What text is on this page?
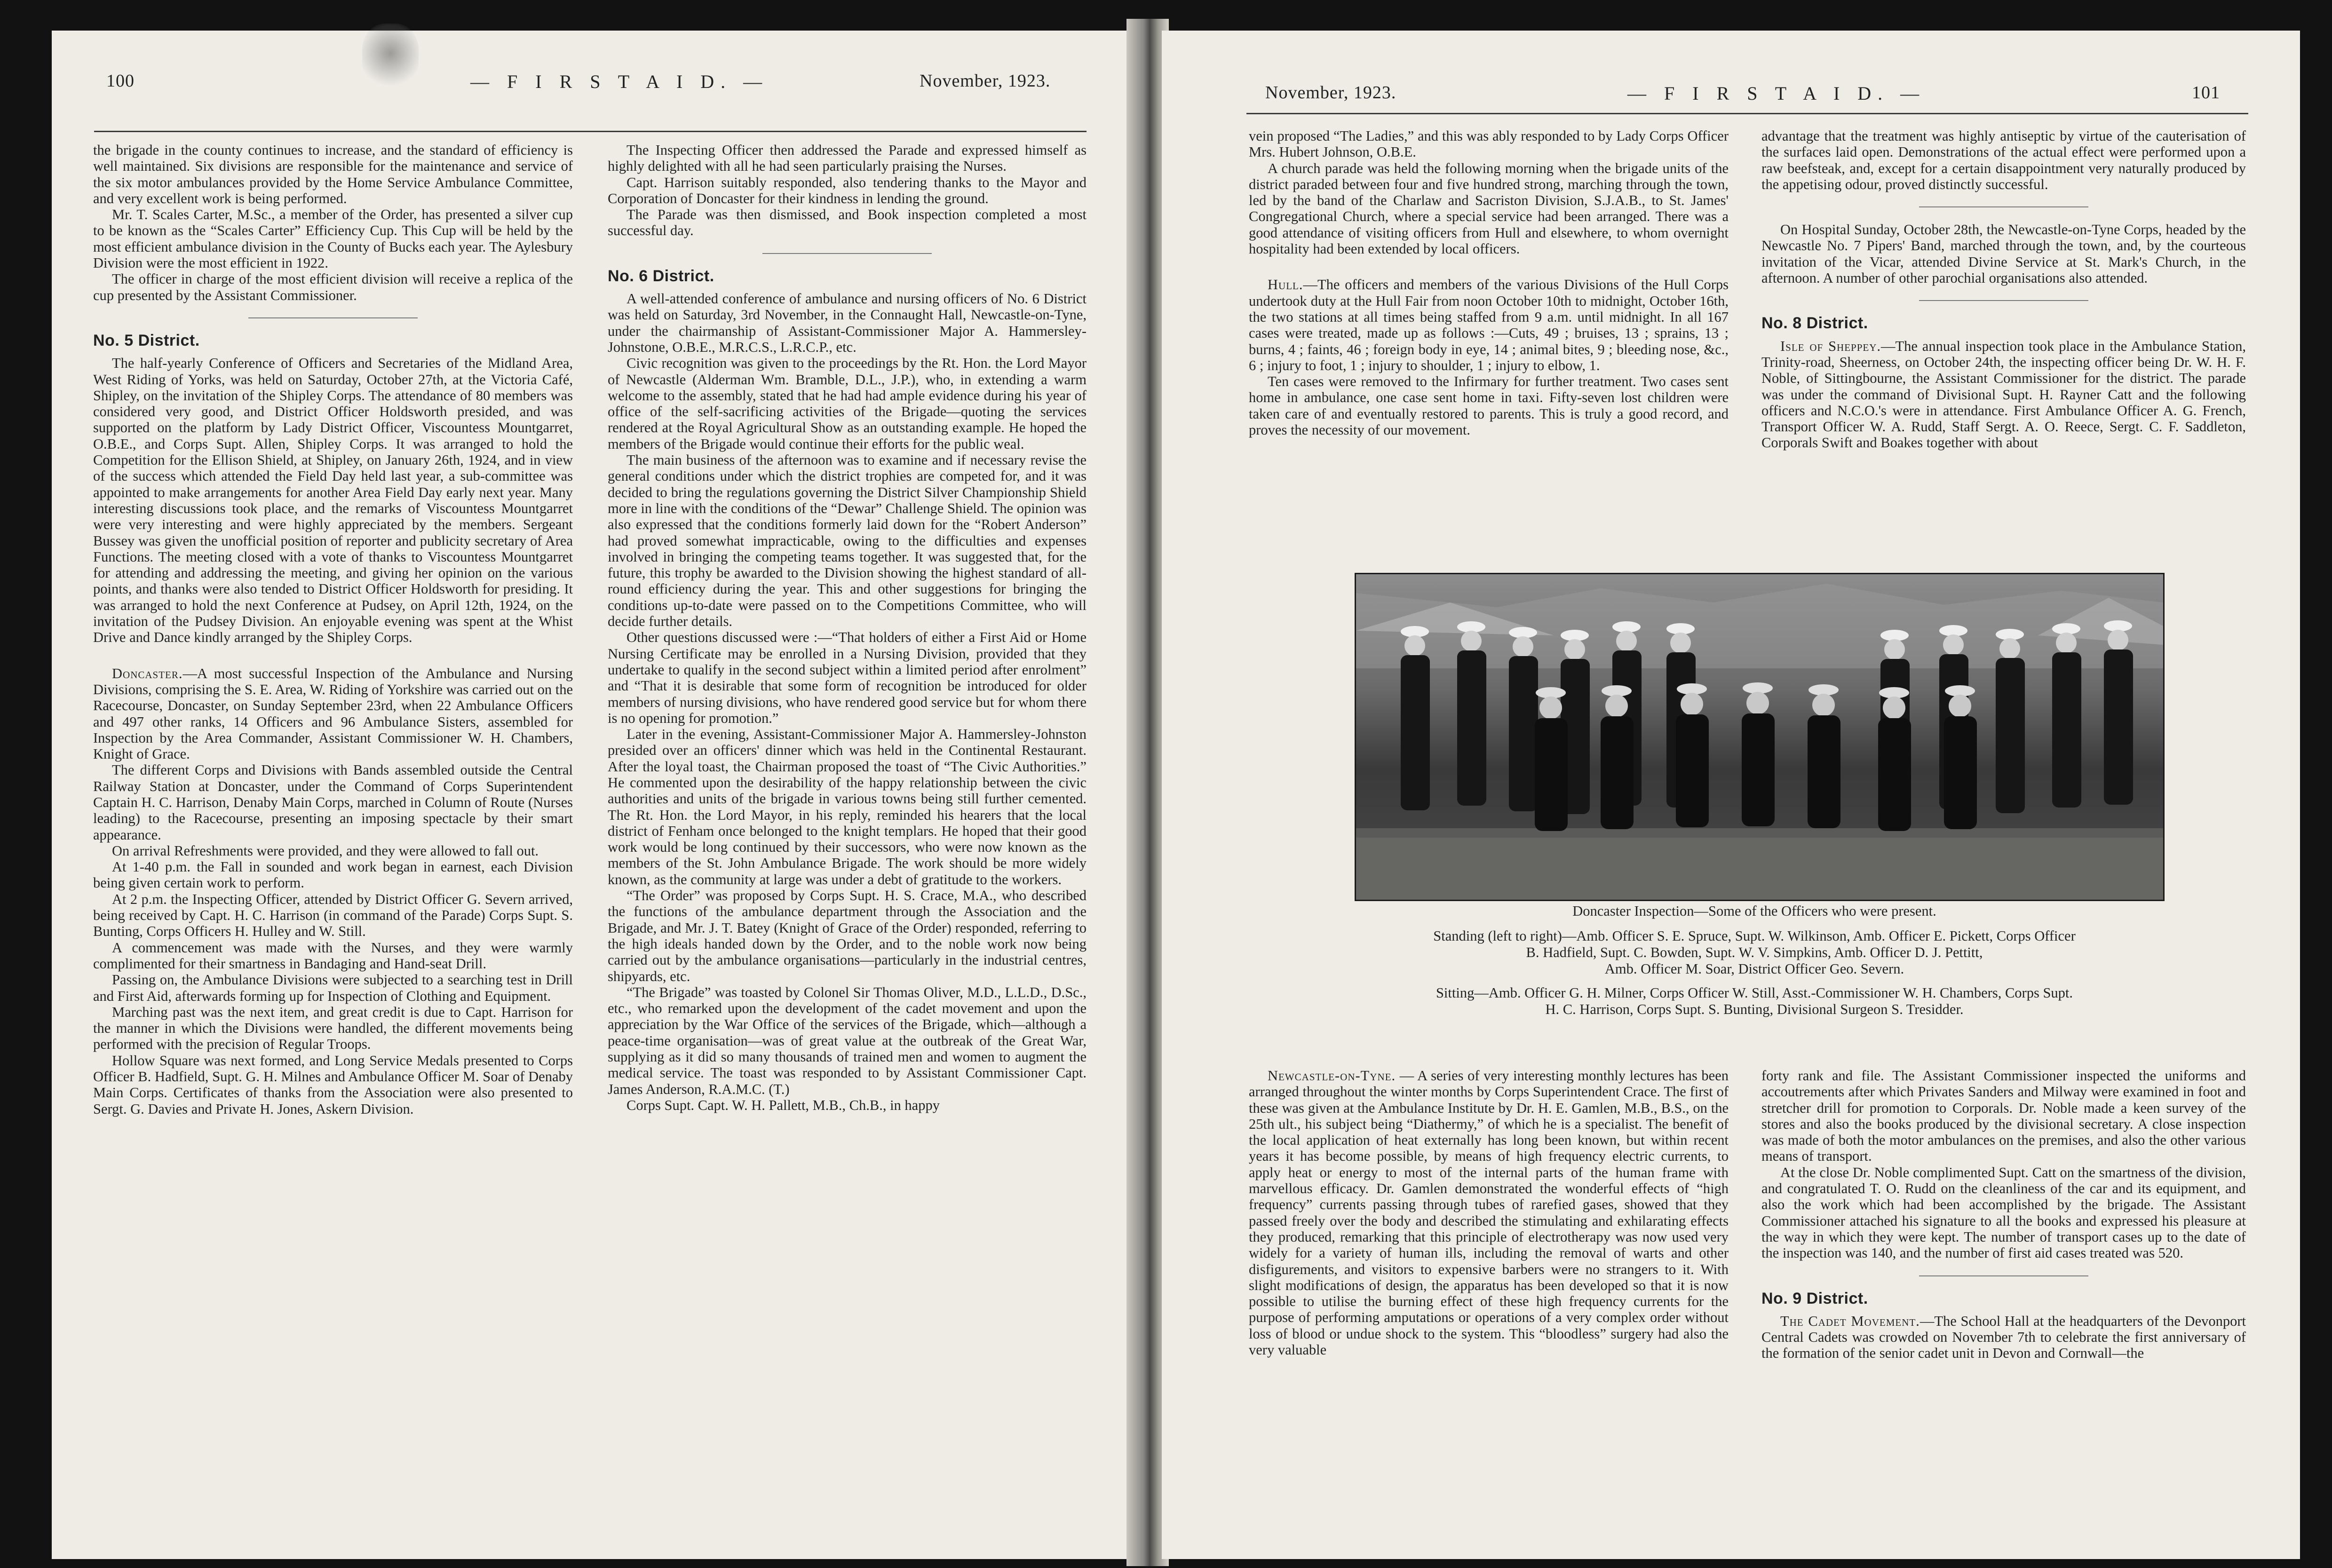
100	— F I R S T A I D. —	November, 1923.

the brigade in the county continues to increase, and the standard of efficiency is well maintained. Six divisions are responsible for the maintenance and service of the six motor ambulances provided by the Home Service Ambulance Committee, and very excellent work is being performed.

Mr. T. Scales Carter, M.Sc., a member of the Order, has presented a silver cup to be known as the “Scales Carter” Efficiency Cup. This Cup will be held by the most efficient ambulance division in the County of Bucks each year. The Aylesbury Division were the most efficient in 1922.

The officer in charge of the most efficient division will receive a replica of the cup presented by the Assistant Commissioner.

No. 5 District.

The half-yearly Conference of Officers and Secretaries of the Midland Area, West Riding of Yorks, was held on Saturday, October 27th, at the Victoria Café, Shipley, on the invitation of the Shipley Corps. The attendance of 80 members was considered very good, and District Officer Holdsworth presided, and was supported on the platform by Lady District Officer, Viscountess Mountgarret, O.B.E., and Corps Supt. Allen, Shipley Corps. It was arranged to hold the Competition for the Ellison Shield, at Shipley, on January 26th, 1924, and in view of the success which attended the Field Day held last year, a sub-committee was appointed to make arrangements for another Area Field Day early next year. Many interesting discussions took place, and the remarks of Viscountess Mountgarret were very interesting and were highly appreciated by the members. Sergeant Bussey was given the unofficial position of reporter and publicity secretary of Area Functions. The meeting closed with a vote of thanks to Viscountess Mountgarret for attending and addressing the meeting, and giving her opinion on the various points, and thanks were also tended to District Officer Holdsworth for presiding. It was arranged to hold the next Conference at Pudsey, on April 12th, 1924, on the invitation of the Pudsey Division. An enjoyable evening was spent at the Whist Drive and Dance kindly arranged by the Shipley Corps.

Doncaster.—A most successful Inspection of the Ambulance and Nursing Divisions, comprising the S. E. Area, W. Riding of Yorkshire was carried out on the Racecourse, Doncaster, on Sunday September 23rd, when 22 Ambulance Officers and 497 other ranks, 14 Officers and 96 Ambulance Sisters, assembled for Inspection by the Area Commander, Assistant Commissioner W. H. Chambers, Knight of Grace.

The different Corps and Divisions with Bands assembled outside the Central Railway Station at Doncaster, under the Command of Corps Superintendent Captain H. C. Harrison, Denaby Main Corps, marched in Column of Route (Nurses leading) to the Racecourse, presenting an imposing spectacle by their smart appearance.

On arrival Refreshments were provided, and they were allowed to fall out.

At 1-40 p.m. the Fall in sounded and work began in earnest, each Division being given certain work to perform.

At 2 p.m. the Inspecting Officer, attended by District Officer G. Severn arrived, being received by Capt. H. C. Harrison (in command of the Parade) Corps Supt. S. Bunting, Corps Officers H. Hulley and W. Still.

A commencement was made with the Nurses, and they were warmly complimented for their smartness in Bandaging and Hand-seat Drill.

Passing on, the Ambulance Divisions were subjected to a searching test in Drill and First Aid, afterwards forming up for Inspection of Clothing and Equipment.

Marching past was the next item, and great credit is due to Capt. Harrison for the manner in which the Divisions were handled, the different movements being performed with the precision of Regular Troops.

Hollow Square was next formed, and Long Service Medals presented to Corps Officer B. Hadfield, Supt. G. H. Milnes and Ambulance Officer M. Soar of Denaby Main Corps. Certificates of thanks from the Association were also presented to Sergt. G. Davies and Private H. Jones, Askern Division.

The Inspecting Officer then addressed the Parade and expressed himself as highly delighted with all he had seen particularly praising the Nurses.

Capt. Harrison suitably responded, also tendering thanks to the Mayor and Corporation of Doncaster for their kindness in lending the ground.

The Parade was then dismissed, and Book inspection completed a most successful day.

No. 6 District.

A well-attended conference of ambulance and nursing officers of No. 6 District was held on Saturday, 3rd November, in the Connaught Hall, Newcastle-on-Tyne, under the chairmanship of Assistant-Commissioner Major A. Hammersley-Johnstone, O.B.E., M.R.C.S., L.R.C.P., etc.

Civic recognition was given to the proceedings by the Rt. Hon. the Lord Mayor of Newcastle (Alderman Wm. Bramble, D.L., J.P.), who, in extending a warm welcome to the assembly, stated that he had had ample evidence during his year of office of the self-sacrificing activities of the Brigade—quoting the services rendered at the Royal Agricultural Show as an outstanding example. He hoped the members of the Brigade would continue their efforts for the public weal.

The main business of the afternoon was to examine and if necessary revise the general conditions under which the district trophies are competed for, and it was decided to bring the regulations governing the District Silver Championship Shield more in line with the conditions of the “Dewar” Challenge Shield. The opinion was also expressed that the conditions formerly laid down for the “Robert Anderson” had proved somewhat impracticable, owing to the difficulties and expenses involved in bringing the competing teams together. It was suggested that, for the future, this trophy be awarded to the Division showing the highest standard of all-round efficiency during the year. This and other suggestions for bringing the conditions up-to-date were passed on to the Competitions Committee, who will decide further details.

Other questions discussed were :—“That holders of either a First Aid or Home Nursing Certificate may be enrolled in a Nursing Division, provided that they undertake to qualify in the second subject within a limited period after enrolment” and “That it is desirable that some form of recognition be introduced for older members of nursing divisions, who have rendered good service but for whom there is no opening for promotion.”

Later in the evening, Assistant-Commissioner Major A. Hammersley-Johnston presided over an officers' dinner which was held in the Continental Restaurant. After the loyal toast, the Chairman proposed the toast of “The Civic Authorities.” He commented upon the desirability of the happy relationship between the civic authorities and units of the brigade in various towns being still further cemented. The Rt. Hon. the Lord Mayor, in his reply, reminded his hearers that the local district of Fenham once belonged to the knight templars. He hoped that their good work would be long continued by their successors, who were now known as the members of the St. John Ambulance Brigade. The work should be more widely known, as the community at large was under a debt of gratitude to the workers.

“The Order” was proposed by Corps Supt. H. S. Crace, M.A., who described the functions of the ambulance department through the Association and the Brigade, and Mr. J. T. Batey (Knight of Grace of the Order) responded, referring to the high ideals handed down by the Order, and to the noble work now being carried out by the ambulance organisations—particularly in the industrial centres, shipyards, etc.

“The Brigade” was toasted by Colonel Sir Thomas Oliver, M.D., L.L.D., D.Sc., etc., who remarked upon the development of the cadet movement and upon the appreciation by the War Office of the services of the Brigade, which—although a peace-time organisation—was of great value at the outbreak of the Great War, supplying as it did so many thousands of trained men and women to augment the medical service. The toast was responded to by Assistant Commissioner Capt. James Anderson, R.A.M.C. (T.)

Corps Supt. Capt. W. H. Pallett, M.B., Ch.B., in happy

November, 1923.	— F I R S T A I D. —	101

vein proposed “The Ladies,” and this was ably responded to by Lady Corps Officer Mrs. Hubert Johnson, O.B.E.

A church parade was held the following morning when the brigade units of the district paraded between four and five hundred strong, marching through the town, led by the band of the Charlaw and Sacriston Division, S.J.A.B., to St. James' Congregational Church, where a special service had been arranged. There was a good attendance of visiting officers from Hull and elsewhere, to whom overnight hospitality had been extended by local officers.

Hull.—The officers and members of the various Divisions of the Hull Corps undertook duty at the Hull Fair from noon October 10th to midnight, October 16th, the two stations at all times being staffed from 9 a.m. until midnight. In all 167 cases were treated, made up as follows :—Cuts, 49 ; bruises, 13 ; sprains, 13 ; burns, 4 ; faints, 46 ; foreign body in eye, 14 ; animal bites, 9 ; bleeding nose, &c., 6 ; injury to foot, 1 ; injury to shoulder, 1 ; injury to elbow, 1.

Ten cases were removed to the Infirmary for further treatment. Two cases sent home in ambulance, one case sent home in taxi. Fifty-seven lost children were taken care of and eventually restored to parents. This is truly a good record, and proves the necessity of our movement.

advantage that the treatment was highly antiseptic by virtue of the cauterisation of the surfaces laid open. Demonstrations of the actual effect were performed upon a raw beefsteak, and, except for a certain disappointment very naturally produced by the appetising odour, proved distinctly successful.

On Hospital Sunday, October 28th, the Newcastle-on-Tyne Corps, headed by the Newcastle No. 7 Pipers' Band, marched through the town, and, by the courteous invitation of the Vicar, attended Divine Service at St. Mark's Church, in the afternoon. A number of other parochial organisations also attended.

No. 8 District.

Isle of Sheppey.—The annual inspection took place in the Ambulance Station, Trinity-road, Sheerness, on October 24th, the inspecting officer being Dr. W. H. F. Noble, of Sittingbourne, the Assistant Commissioner for the district. The parade was under the command of Divisional Supt. H. Rayner Catt and the following officers and N.C.O.'s were in attendance. First Ambulance Officer A. G. French, Transport Officer W. A. Rudd, Staff Sergt. A. O. Reece, Sergt. C. F. Saddleton, Corporals Swift and Boakes together with about

Doncaster Inspection—Some of the Officers who were present.
Standing (left to right)—Amb. Officer S. E. Spruce, Supt. W. Wilkinson, Amb. Officer E. Pickett, Corps Officer
B. Hadfield, Supt. C. Bowden, Supt. W. V. Simpkins, Amb. Officer D. J. Pettitt,
Amb. Officer M. Soar, District Officer Geo. Severn.
Sitting—Amb. Officer G. H. Milner, Corps Officer W. Still, Asst.-Commissioner W. H. Chambers, Corps Supt.
H. C. Harrison, Corps Supt. S. Bunting, Divisional Surgeon S. Tresidder.

Newcastle-on-Tyne. — A series of very interesting monthly lectures has been arranged throughout the winter months by Corps Superintendent Crace. The first of these was given at the Ambulance Institute by Dr. H. E. Gamlen, M.B., B.S., on the 25th ult., his subject being “Diathermy,” of which he is a specialist. The benefit of the local application of heat externally has long been known, but within recent years it has become possible, by means of high frequency electric currents, to apply heat or energy to most of the internal parts of the human frame with marvellous efficacy. Dr. Gamlen demonstrated the wonderful effects of “high frequency” currents passing through tubes of rarefied gases, showed that they passed freely over the body and described the stimulating and exhilarating effects they produced, remarking that this principle of electrotherapy was now used very widely for a variety of human ills, including the removal of warts and other disfigurements, and visitors to expensive barbers were no strangers to it. With slight modifications of design, the apparatus has been developed so that it is now possible to utilise the burning effect of these high frequency currents for the purpose of performing amputations or operations of a very complex order without loss of blood or undue shock to the system. This “bloodless” surgery had also the very valuable

forty rank and file. The Assistant Commissioner inspected the uniforms and accoutrements after which Privates Sanders and Milway were examined in foot and stretcher drill for promotion to Corporals. Dr. Noble made a keen survey of the stores and also the books produced by the divisional secretary. A close inspection was made of both the motor ambulances on the premises, and also the other various means of transport.

At the close Dr. Noble complimented Supt. Catt on the smartness of the division, and congratulated T. O. Rudd on the cleanliness of the car and its equipment, and also the work which had been accomplished by the brigade. The Assistant Commissioner attached his signature to all the books and expressed his pleasure at the way in which they were kept. The number of transport cases up to the date of the inspection was 140, and the number of first aid cases treated was 520.

No. 9 District.

The Cadet Movement.—The School Hall at the headquarters of the Devonport Central Cadets was crowded on November 7th to celebrate the first anniversary of the formation of the senior cadet unit in Devon and Cornwall—the
